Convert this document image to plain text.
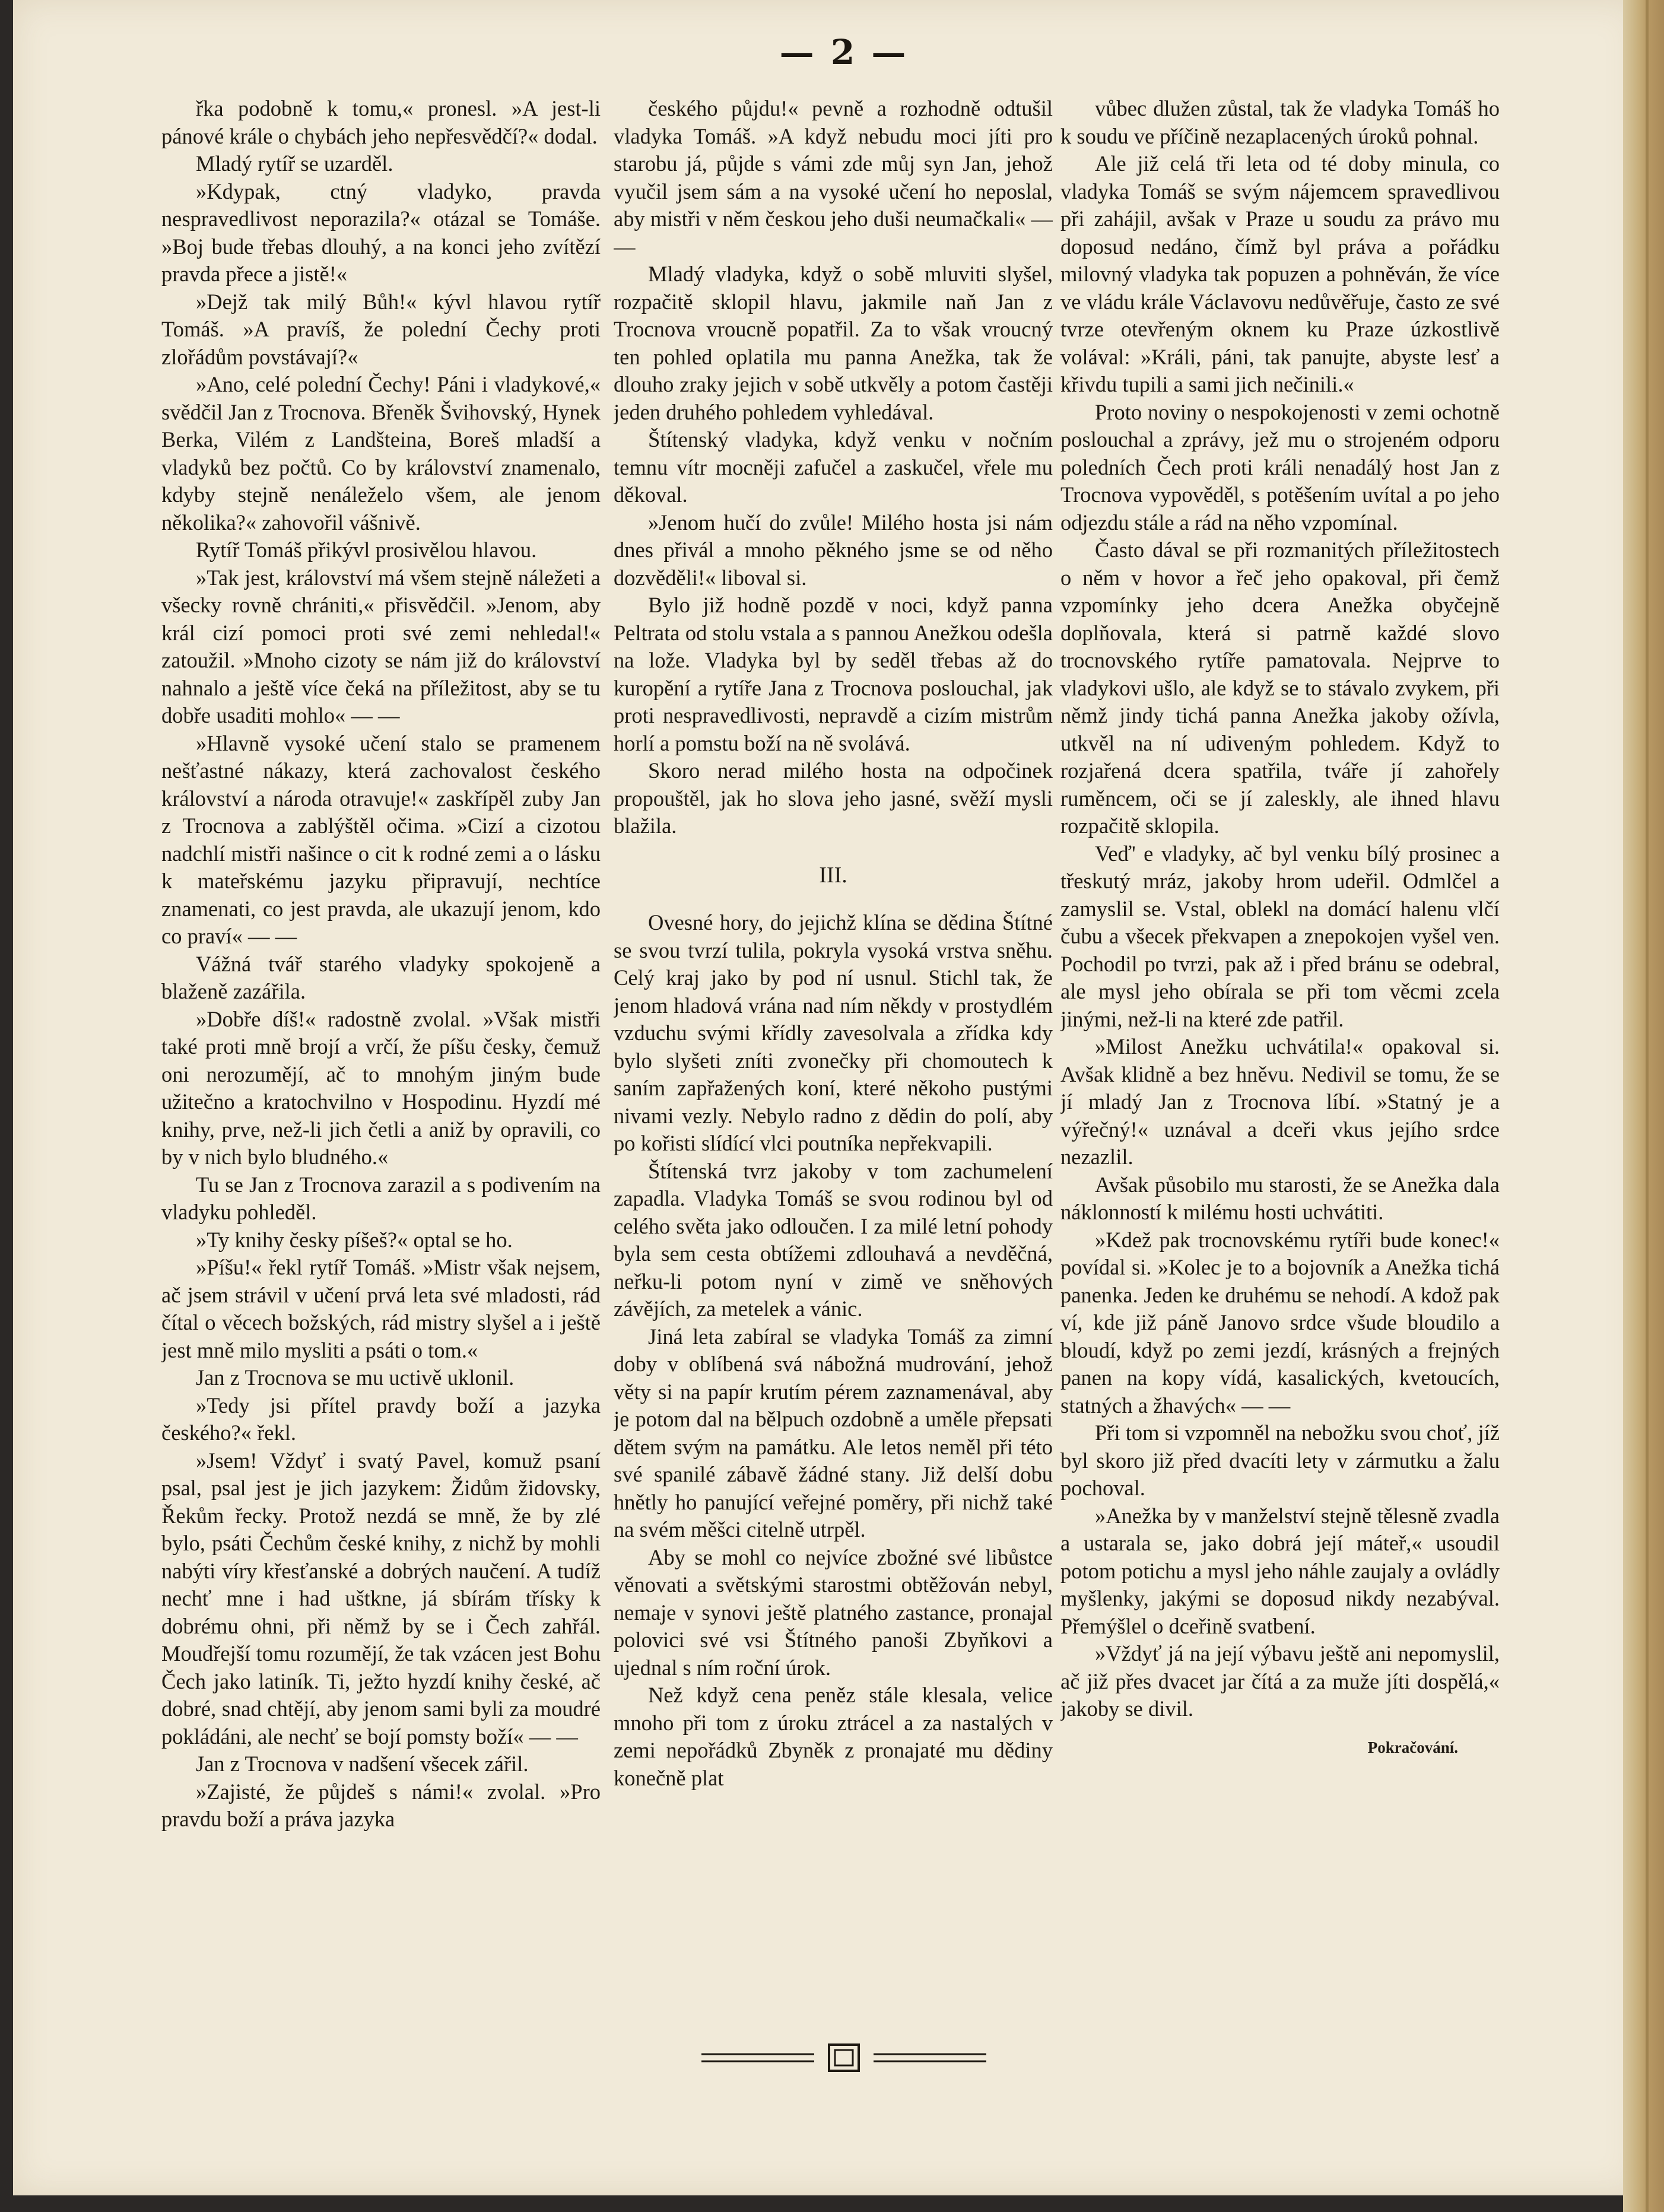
— 2 —

řka podobně k tomu,« pronesl. »A jest-li pánové krále o chybách jeho nepřesvědčí?« dodal.

Mladý rytíř se uzarděl.

»Kdypak, ctný vladyko, pravda nespravedlivost neporazila?« otázal se Tomáše. »Boj bude třebas dlouhý, a na konci jeho zvítězí pravda přece a jistě!«

»Dejž tak milý Bůh!« kývl hlavou rytíř Tomáš. »A pravíš, že polední Čechy proti zlořádům povstávají?«

»Ano, celé polední Čechy! Páni i vladykové,« svědčil Jan z Trocnova. Břeněk Švihovský, Hynek Berka, Vilém z Landšteina, Boreš mladší a vladyků bez počtů. Co by království znamenalo, kdyby stejně nenáleželo všem, ale jenom několika?« zahovořil vášnivě.

Rytíř Tomáš přikývl prosivělou hlavou.

»Tak jest, království má všem stejně náležeti a všecky rovně chrániti,« přisvědčil. »Jenom, aby král cizí pomoci proti své zemi nehledal!« zatoužil. »Mnoho cizoty se nám již do království nahnalo a ještě více čeká na příležitost, aby se tu dobře usaditi mohlo« — —

»Hlavně vysoké učení stalo se pramenem nešťastné nákazy, která zachovalost českého království a národa otravuje!« zaskřípěl zuby Jan z Trocnova a zablýštěl očima. »Cizí a cizotou nadchlí mistři našince o cit k rodné zemi a o lásku k mateřskému jazyku připravují, nechtíce znamenati, co jest pravda, ale ukazují jenom, kdo co praví« — —

Vážná tvář starého vladyky spokojeně a blaženě zazářila.

»Dobře díš!« radostně zvolal. »Však mistři také proti mně brojí a vrčí, že píšu česky, čemuž oni nerozumějí, ač to mnohým jiným bude užitečno a kratochvilno v Hospodinu. Hyzdí mé knihy, prve, než-li jich četli a aniž by opravili, co by v nich bylo bludného.«

Tu se Jan z Trocnova zarazil a s podivením na vladyku pohleděl.

»Ty knihy česky píšeš?« optal se ho.

»Píšu!« řekl rytíř Tomáš. »Mistr však nejsem, ač jsem strávil v učení prvá leta své mladosti, rád čítal o věcech božských, rád mistry slyšel a i ještě jest mně milo mysliti a psáti o tom.«

Jan z Trocnova se mu uctivě uklonil.

»Tedy jsi přítel pravdy boží a jazyka českého?« řekl.

»Jsem! Vždyť i svatý Pavel, komuž psaní psal, psal jest je jich jazykem: Židům židovsky, Řekům řecky. Protož nezdá se mně, že by zlé bylo, psáti Čechům české knihy, z nichž by mohli nabýti víry křesťanské a dobrých naučení. A tudíž nechť mne i had uštkne, já sbírám třísky k dobrému ohni, při němž by se i Čech zahřál. Moudřejší tomu rozumějí, že tak vzácen jest Bohu Čech jako latiník. Ti, ježto hyzdí knihy české, ač dobré, snad chtějí, aby jenom sami byli za moudré pokládáni, ale nechť se bojí pomsty boží« — —

Jan z Trocnova v nadšení všecek zářil.

»Zajisté, že půjdeš s námi!« zvolal. »Pro pravdu boží a práva jazyka

českého půjdu!« pevně a rozhodně odtušil vladyka Tomáš. »A když nebudu moci jíti pro starobu já, půjde s vámi zde můj syn Jan, jehož vyučil jsem sám a na vysoké učení ho neposlal, aby mistři v něm českou jeho duši neumačkali« — —

Mladý vladyka, když o sobě mluviti slyšel, rozpačitě sklopil hlavu, jakmile naň Jan z Trocnova vroucně popatřil. Za to však vroucný ten pohled oplatila mu panna Anežka, tak že dlouho zraky jejich v sobě utkvěly a potom častěji jeden druhého pohledem vyhledával.

Štítenský vladyka, když venku v nočním temnu vítr mocněji zafučel a zaskučel, vřele mu děkoval.

»Jenom hučí do zvůle! Milého hosta jsi nám dnes přivál a mnoho pěkného jsme se od něho dozvěděli!« liboval si.

Bylo již hodně pozdě v noci, když panna Peltrata od stolu vstala a s pannou Anežkou odešla na lože. Vladyka byl by seděl třebas až do kuropění a rytíře Jana z Trocnova poslouchal, jak proti nespravedlivosti, nepravdě a cizím mistrům horlí a pomstu boží na ně svolává.

Skoro nerad milého hosta na odpočinek propouštěl, jak ho slova jeho jasné, svěží mysli blažila.

III.

Ovesné hory, do jejichž klína se dědina Štítné se svou tvrzí tulila, pokryla vysoká vrstva sněhu. Celý kraj jako by pod ní usnul. Stichl tak, že jenom hladová vrána nad ním někdy v prostydlém vzduchu svými křídly zavesolvala a zřídka kdy bylo slyšeti zníti zvonečky při chomoutech k saním zapřažených koní, které někoho pustými nivami vezly. Nebylo radno z dědin do polí, aby po kořisti slídící vlci poutníka nepřekvapili.

Štítenská tvrz jakoby v tom zachumelení zapadla. Vladyka Tomáš se svou rodinou byl od celého světa jako odloučen. I za milé letní pohody byla sem cesta obtížemi zdlouhavá a nevděčná, neřku-li potom nyní v zimě ve sněhových závějích, za metelek a vánic.

Jiná leta zabíral se vladyka Tomáš za zimní doby v oblíbená svá nábožná mudrování, jehož věty si na papír krutím pérem zaznamenával, aby je potom dal na bělpuch ozdobně a uměle přepsati dětem svým na památku. Ale letos neměl při této své spanilé zábavě žádné stany. Již delší dobu hnětly ho panující veřejné poměry, při nichž také na svém měšci citelně utrpěl.

Aby se mohl co nejvíce zbožné své libůstce věnovati a světskými starostmi obtěžován nebyl, nemaje v synovi ještě platného zastance, pronajal polovici své vsi Štítného panoši Zbyňkovi a ujednal s ním roční úrok.

Než když cena peněz stále klesala, velice mnoho při tom z úroku ztrácel a za nastalých v zemi nepořádků Zbyněk z pronajaté mu dědiny konečně plat

vůbec dlužen zůstal, tak že vladyka Tomáš ho k soudu ve příčině nezaplacených úroků pohnal.

Ale již celá tři leta od té doby minula, co vladyka Tomáš se svým nájemcem spravedlivou při zahájil, avšak v Praze u soudu za právo mu doposud nedáno, čímž byl práva a pořádku milovný vladyka tak popuzen a pohněván, že více ve vládu krále Václavovu nedůvěřuje, často ze své tvrze otevřeným oknem ku Praze úzkostlivě volával: »Králi, páni, tak panujte, abyste lesť a křivdu tupili a sami jich nečinili.«

Proto noviny o nespokojenosti v zemi ochotně poslouchal a zprávy, jež mu o strojeném odporu poledních Čech proti králi nenadálý host Jan z Trocnova vypověděl, s potěšením uvítal a po jeho odjezdu stále a rád na něho vzpomínal.

Často dával se při rozmanitých příležitostech o něm v hovor a řeč jeho opakoval, při čemž vzpomínky jeho dcera Anežka obyčejně doplňovala, která si patrně každé slovo trocnovského rytíře pamatovala. Nejprve to vladykovi ušlo, ale když se to stávalo zvykem, při němž jindy tichá panna Anežka jakoby ožívla, utkvěl na ní udiveným pohledem. Když to rozjařená dcera spatřila, tváře jí zahořely ruměncem, oči se jí zaleskly, ale ihned hlavu rozpačitě sklopila.

Veď' e vladyky, ač byl venku bílý prosinec a třeskutý mráz, jakoby hrom udeřil. Odmlčel a zamyslil se. Vstal, oblekl na domácí halenu vlčí čubu a všecek překvapen a znepokojen vyšel ven. Pochodil po tvrzi, pak až i před bránu se odebral, ale mysl jeho obírala se při tom věcmi zcela jinými, než-li na které zde patřil.

»Milost Anežku uchvátila!« opakoval si. Avšak klidně a bez hněvu. Nedivil se tomu, že se jí mladý Jan z Trocnova líbí. »Statný je a výřečný!« uznával a dceři vkus jejího srdce nezazlil.

Avšak působilo mu starosti, že se Anežka dala náklonností k milému hosti uchvátiti.

»Kdež pak trocnovskému rytíři bude konec!« povídal si. »Kolec je to a bojovník a Anežka tichá panenka. Jeden ke druhému se nehodí. A kdož pak ví, kde již páně Janovo srdce všude bloudilo a bloudí, když po zemi jezdí, krásných a frejných panen na kopy vídá, kasalických, kvetoucích, statných a žhavých« — —

Při tom si vzpomněl na nebožku svou choť, jíž byl skoro již před dvacíti lety v zármutku a žalu pochoval.

»Anežka by v manželství stejně tělesně zvadla a ustarala se, jako dobrá její máteř,« usoudil potom potichu a mysl jeho náhle zaujaly a ovládly myšlenky, jakými se doposud nikdy nezabýval. Přemýšlel o dceřině svatbení.

»Vždyť já na její výbavu ještě ani nepomyslil, ač již přes dvacet jar čítá a za muže jíti dospělá,« jakoby se divil.

Pokračování.
